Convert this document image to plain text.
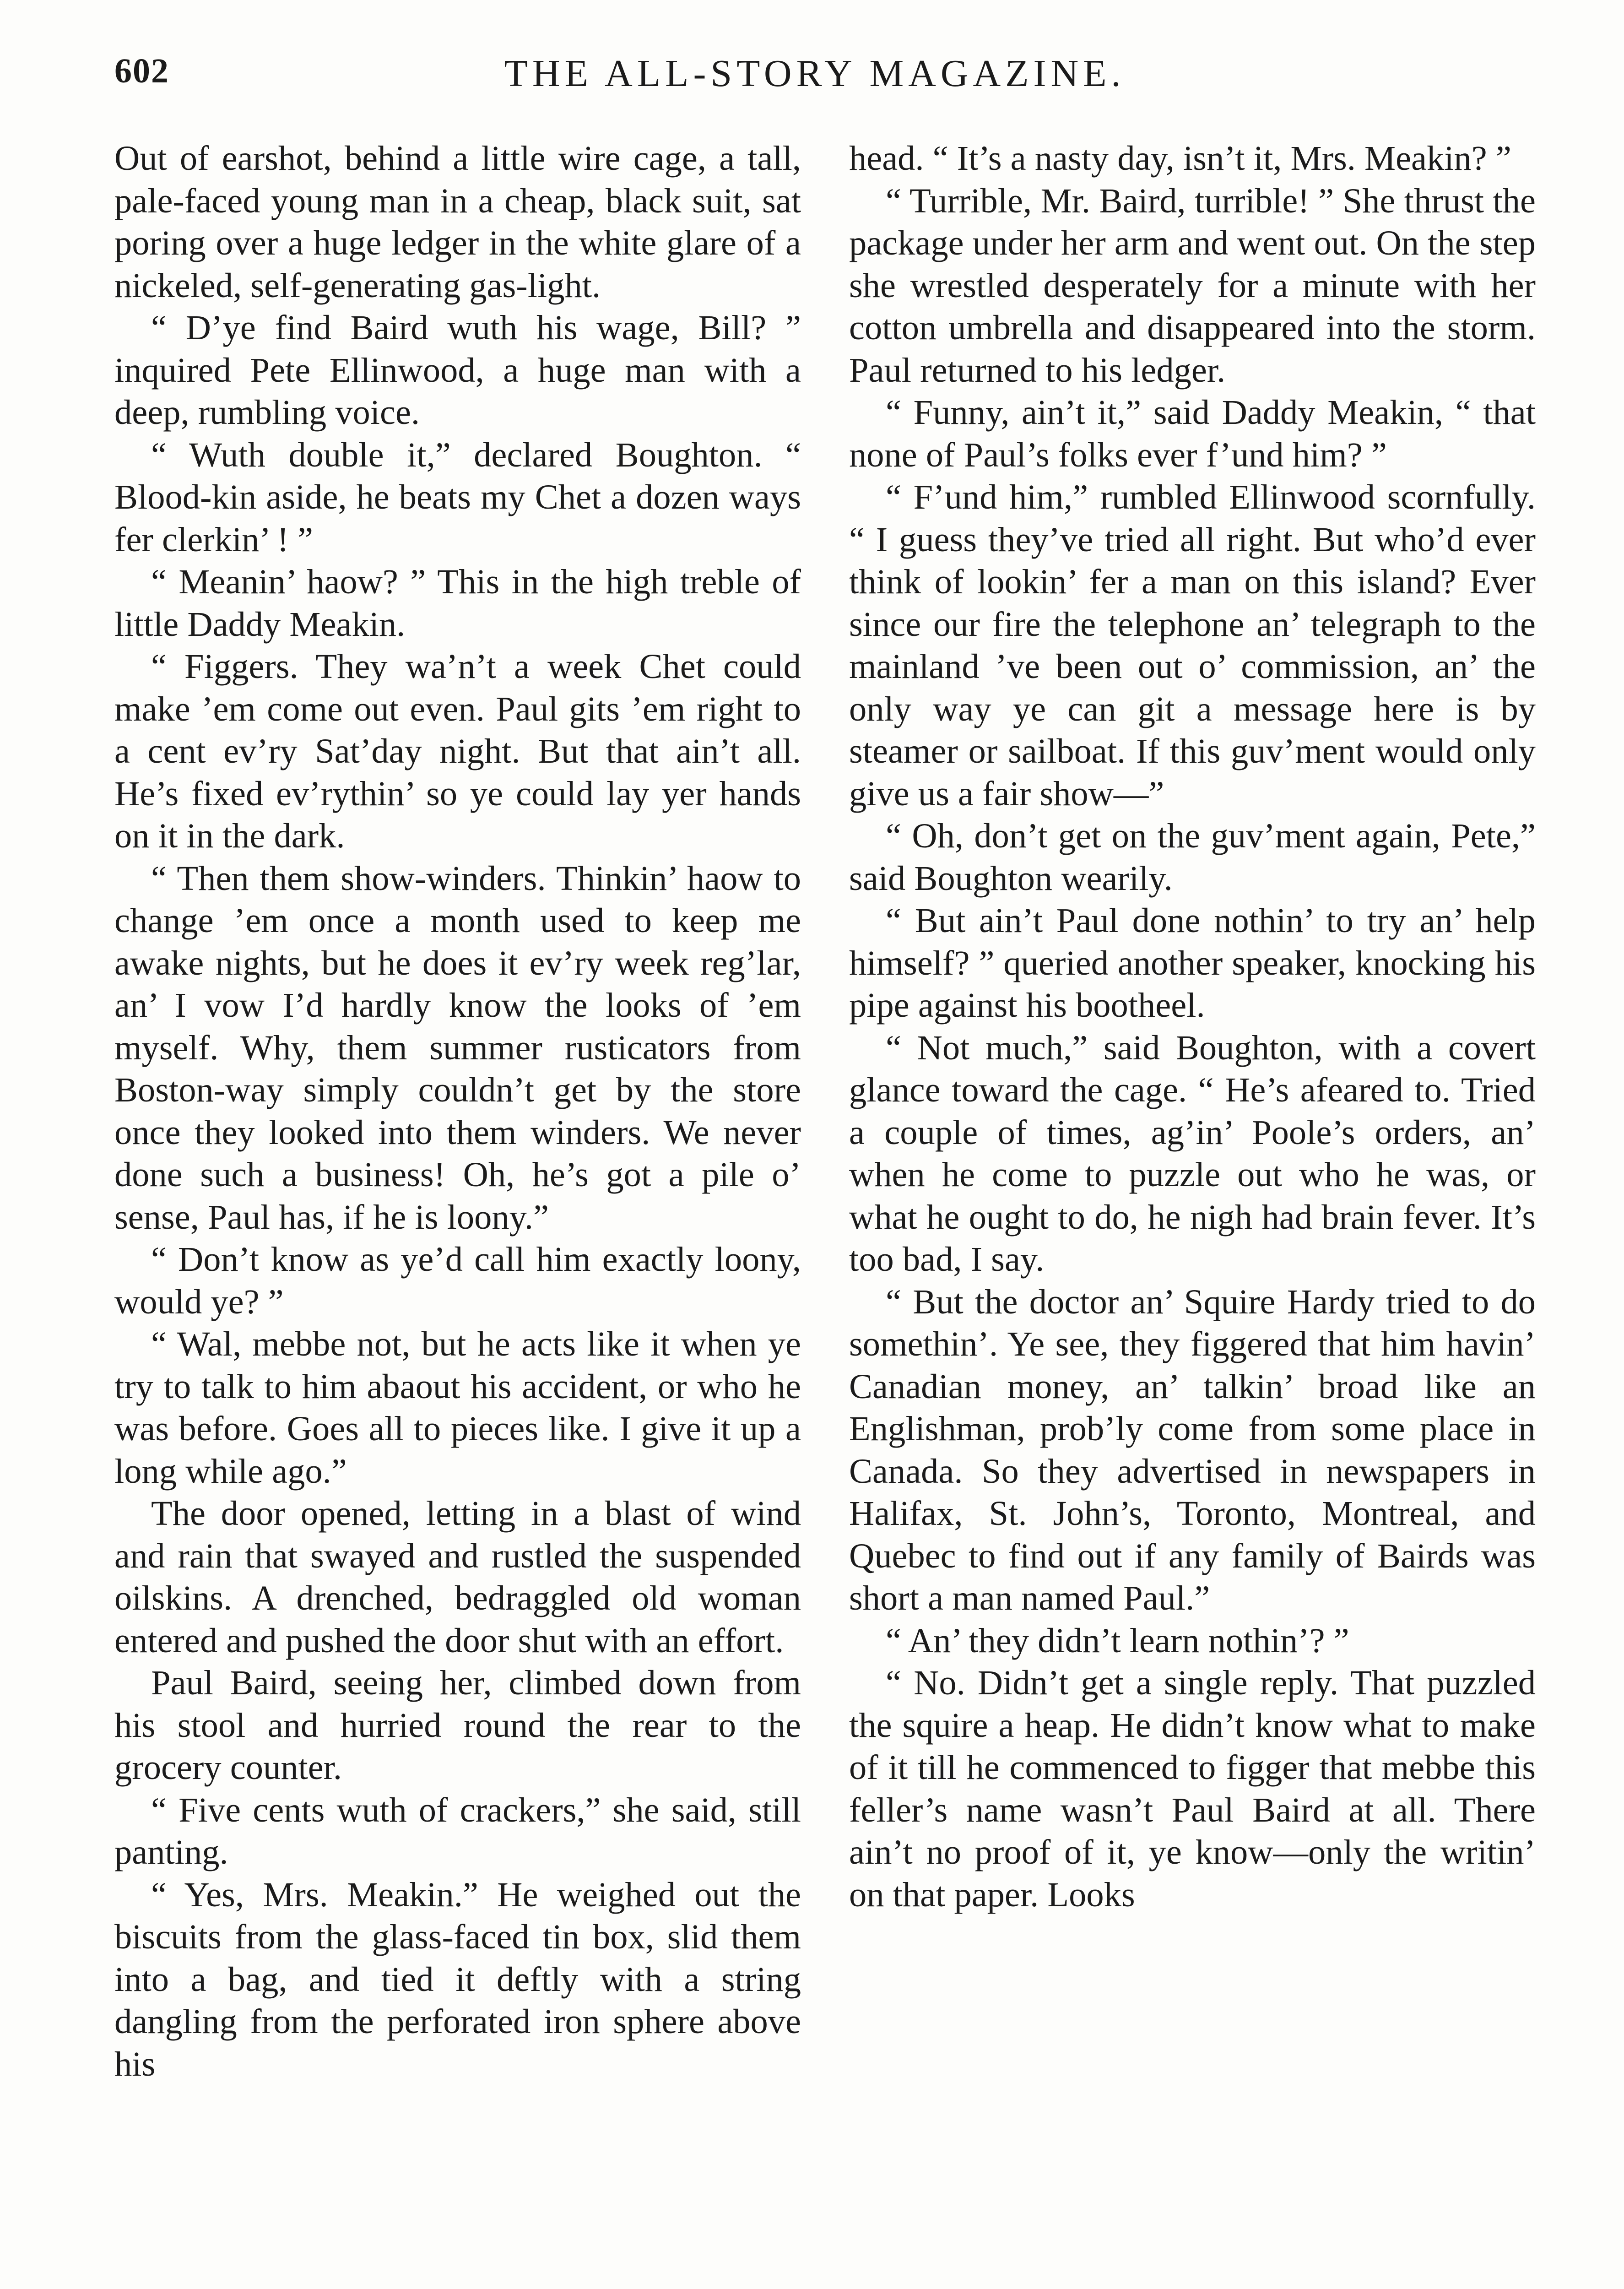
602	THE ALL-STORY MAGAZINE.

Out of earshot, behind a little wire cage, a tall, pale-faced young man in a cheap, black suit, sat poring over a huge ledger in the white glare of a nickeled, self-generating gas-light.

“ D’ye find Baird wuth his wage, Bill? ” inquired Pete Ellinwood, a huge man with a deep, rumbling voice.

“ Wuth double it,” declared Boughton. “ Blood-kin aside, he beats my Chet a dozen ways fer clerkin’ ! ”

“ Meanin’ haow? ” This in the high treble of little Daddy Meakin.

“ Figgers. They wa’n’t a week Chet could make ’em come out even. Paul gits ’em right to a cent ev’ry Sat’day night. But that ain’t all. He’s fixed ev’rythin’ so ye could lay yer hands on it in the dark.

“ Then them show-winders. Thinkin’ haow to change ’em once a month used to keep me awake nights, but he does it ev’ry week reg’lar, an’ I vow I’d hardly know the looks of ’em myself. Why, them summer rusticators from Boston-way simply couldn’t get by the store once they looked into them winders. We never done such a business! Oh, he’s got a pile o’ sense, Paul has, if he is loony.”

“ Don’t know as ye’d call him exactly loony, would ye? ”

“ Wal, mebbe not, but he acts like it when ye try to talk to him abaout his accident, or who he was before. Goes all to pieces like. I give it up a long while ago.”

The door opened, letting in a blast of wind and rain that swayed and rustled the suspended oilskins. A drenched, bedraggled old woman entered and pushed the door shut with an effort.

Paul Baird, seeing her, climbed down from his stool and hurried round the rear to the grocery counter.

“ Five cents wuth of crackers,” she said, still panting.

“ Yes, Mrs. Meakin.” He weighed out the biscuits from the glass-faced tin box, slid them into a bag, and tied it deftly with a string dangling from the perforated iron sphere above his

head. “ It’s a nasty day, isn’t it, Mrs. Meakin? ”

“ Turrible, Mr. Baird, turrible! ” She thrust the package under her arm and went out. On the step she wrestled desperately for a minute with her cotton umbrella and disappeared into the storm. Paul returned to his ledger.

“ Funny, ain’t it,” said Daddy Meakin, “ that none of Paul’s folks ever f’und him? ”

“ F’und him,” rumbled Ellinwood scornfully. “ I guess they’ve tried all right. But who’d ever think of lookin’ fer a man on this island? Ever since our fire the telephone an’ telegraph to the mainland ’ve been out o’ commission, an’ the only way ye can git a message here is by steamer or sailboat. If this guv’ment would only give us a fair show—”

“ Oh, don’t get on the guv’ment again, Pete,” said Boughton wearily.

“ But ain’t Paul done nothin’ to try an’ help himself? ” queried another speaker, knocking his pipe against his bootheel.

“ Not much,” said Boughton, with a covert glance toward the cage. “ He’s afeared to. Tried a couple of times, ag’in’ Poole’s orders, an’ when he come to puzzle out who he was, or what he ought to do, he nigh had brain fever. It’s too bad, I say.

“ But the doctor an’ Squire Hardy tried to do somethin’. Ye see, they figgered that him havin’ Canadian money, an’ talkin’ broad like an Englishman, prob’ly come from some place in Canada. So they advertised in newspapers in Halifax, St. John’s, Toronto, Montreal, and Quebec to find out if any family of Bairds was short a man named Paul.”

“ An’ they didn’t learn nothin’? ”

“ No. Didn’t get a single reply. That puzzled the squire a heap. He didn’t know what to make of it till he commenced to figger that mebbe this feller’s name wasn’t Paul Baird at all. There ain’t no proof of it, ye know—only the writin’ on that paper. Looks
